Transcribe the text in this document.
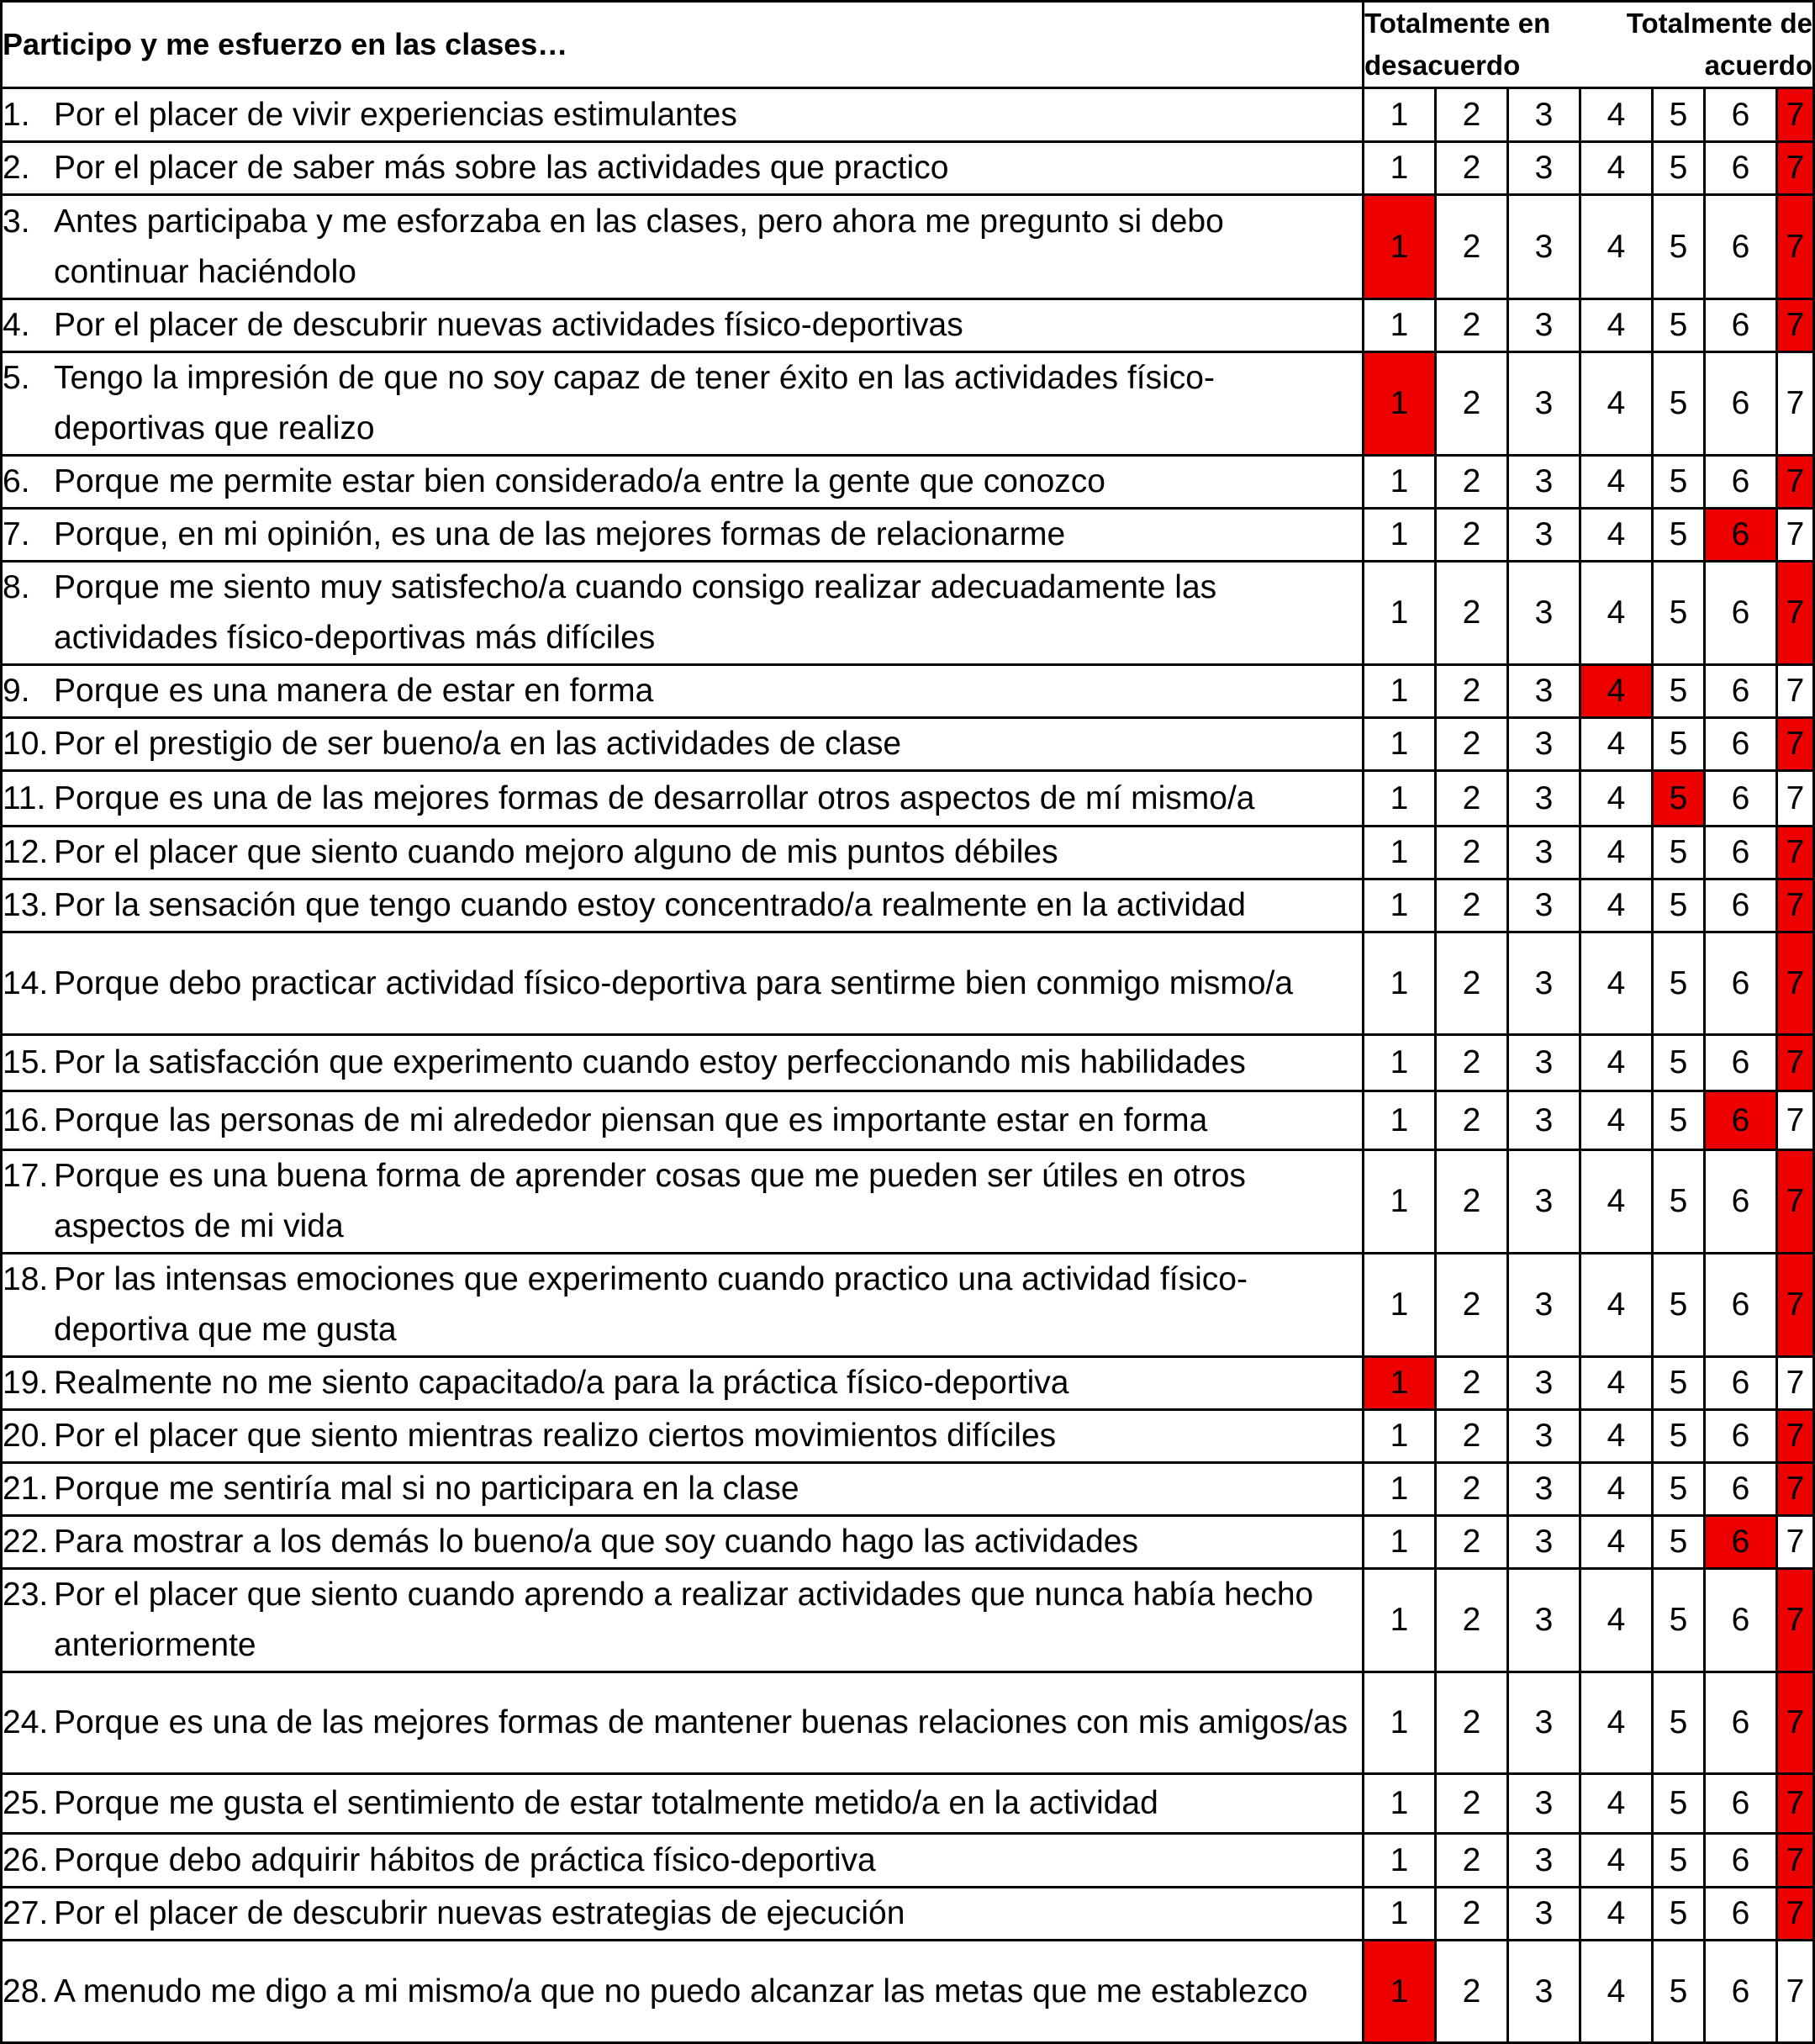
Participo y me esfuerzo en las clases…	Totalmente en Totalmente de
desacuerdo acuerdo						

1. Por el placer de vivir experiencias estimulantes	1	2	3	4	5	6	7

2. Por el placer de saber más sobre las actividades que practico	1	2	3	4	5	6	7

3. Antes participaba y me esforzaba en las clases, pero ahora me pregunto si debo continuar haciéndolo	1	2	3	4	5	6	7

4. Por el placer de descubrir nuevas actividades físico-deportivas	1	2	3	4	5	6	7

5. Tengo la impresión de que no soy capaz de tener éxito en las actividades físico-deportivas que realizo	1	2	3	4	5	6	7

6. Porque me permite estar bien considerado/a entre la gente que conozco	1	2	3	4	5	6	7

7. Porque, en mi opinión, es una de las mejores formas de relacionarme	1	2	3	4	5	6	7

8. Porque me siento muy satisfecho/a cuando consigo realizar adecuadamente las actividades físico-deportivas más difíciles	1	2	3	4	5	6	7

9. Porque es una manera de estar en forma	1	2	3	4	5	6	7

10. Por el prestigio de ser bueno/a en las actividades de clase	1	2	3	4	5	6	7

11. Porque es una de las mejores formas de desarrollar otros aspectos de mí mismo/a	1	2	3	4	5	6	7

12. Por el placer que siento cuando mejoro alguno de mis puntos débiles	1	2	3	4	5	6	7

13. Por la sensación que tengo cuando estoy concentrado/a realmente en la actividad	1	2	3	4	5	6	7

14. Porque debo practicar actividad físico-deportiva para sentirme bien conmigo mismo/a	1	2	3	4	5	6	7

15. Por la satisfacción que experimento cuando estoy perfeccionando mis habilidades	1	2	3	4	5	6	7

16. Porque las personas de mi alrededor piensan que es importante estar en forma	1	2	3	4	5	6	7

17. Porque es una buena forma de aprender cosas que me pueden ser útiles en otros aspectos de mi vida	1	2	3	4	5	6	7

18. Por las intensas emociones que experimento cuando practico una actividad físico-deportiva que me gusta	1	2	3	4	5	6	7

19. Realmente no me siento capacitado/a para la práctica físico-deportiva	1	2	3	4	5	6	7

20. Por el placer que siento mientras realizo ciertos movimientos difíciles	1	2	3	4	5	6	7

21. Porque me sentiría mal si no participara en la clase	1	2	3	4	5	6	7

22. Para mostrar a los demás lo bueno/a que soy cuando hago las actividades	1	2	3	4	5	6	7

23. Por el placer que siento cuando aprendo a realizar actividades que nunca había hecho anteriormente	1	2	3	4	5	6	7

24. Porque es una de las mejores formas de mantener buenas relaciones con mis amigos/as	1	2	3	4	5	6	7

25. Porque me gusta el sentimiento de estar totalmente metido/a en la actividad	1	2	3	4	5	6	7

26. Porque debo adquirir hábitos de práctica físico-deportiva	1	2	3	4	5	6	7

27. Por el placer de descubrir nuevas estrategias de ejecución	1	2	3	4	5	6	7

28. A menudo me digo a mi mismo/a que no puedo alcanzar las metas que me establezco	1	2	3	4	5	6	7
